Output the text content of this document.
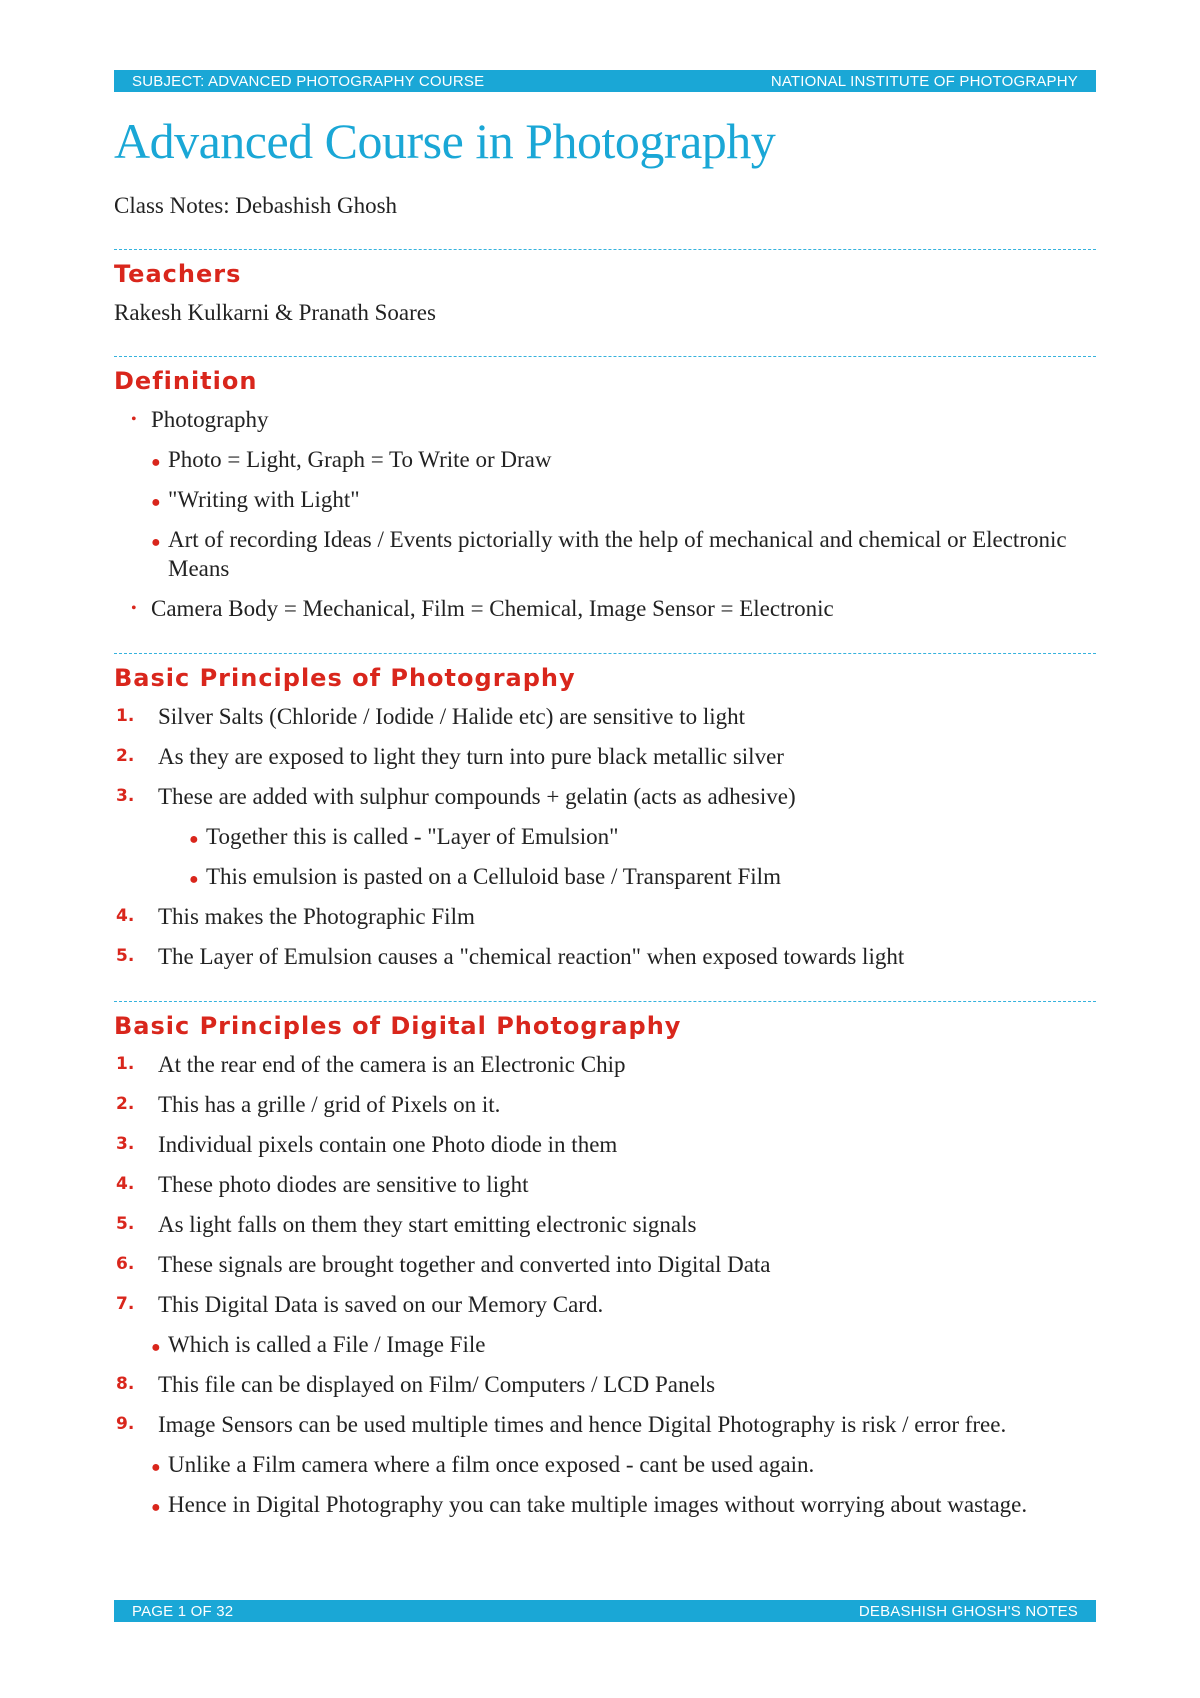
SUBJECT: ADVANCED PHOTOGRAPHY COURSE	NATIONAL INSTITUTE OF PHOTOGRAPHY
Advanced Course in Photography
Class Notes: Debashish Ghosh
Teachers
Rakesh Kulkarni & Pranath Soares
Definition
• Photography
● Photo = Light, Graph = To Write or Draw
● "Writing with Light"
● Art of recording Ideas / Events pictorially with the help of mechanical and chemical or Electronic Means
• Camera Body = Mechanical, Film = Chemical, Image Sensor = Electronic
Basic Principles of Photography
1. Silver Salts (Chloride / Iodide / Halide etc) are sensitive to light
2. As they are exposed to light they turn into pure black metallic silver
3. These are added with sulphur compounds + gelatin (acts as adhesive)
● Together this is called - "Layer of Emulsion"
● This emulsion is pasted on a Celluloid base / Transparent Film
4. This makes the Photographic Film
5. The Layer of Emulsion causes a "chemical reaction" when exposed towards light
Basic Principles of Digital Photography
1. At the rear end of the camera is an Electronic Chip
2. This has a grille / grid of Pixels on it.
3. Individual pixels contain one Photo diode in them
4. These photo diodes are sensitive to light
5. As light falls on them they start emitting electronic signals
6. These signals are brought together and converted into Digital Data
7. This Digital Data is saved on our Memory Card.
● Which is called a File / Image File
8. This file can be displayed on Film/ Computers / LCD Panels
9. Image Sensors can be used multiple times and hence Digital Photography is risk / error free.
● Unlike a Film camera where a film once exposed - cant be used again.
● Hence in Digital Photography you can take multiple images without worrying about wastage.
PAGE 1 OF 32	DEBASHISH GHOSH'S NOTES
